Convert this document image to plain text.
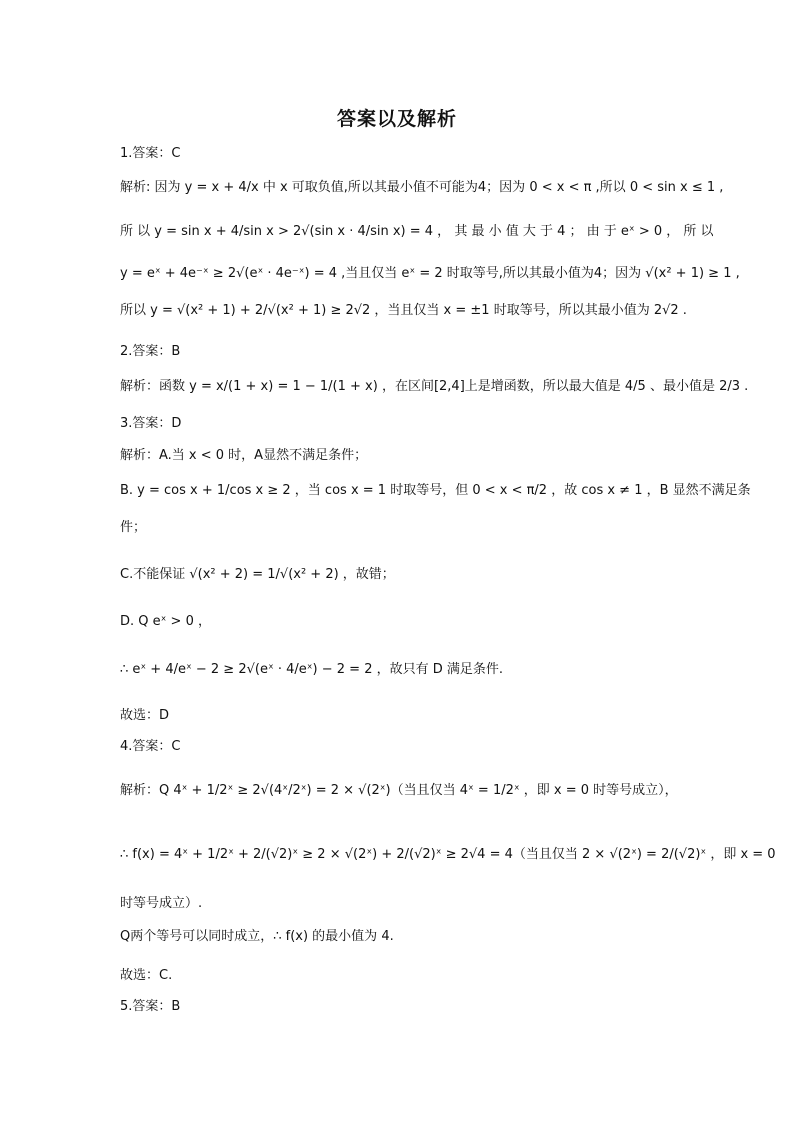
答案以及解析
1.答案：C
解析: 因为 y = x + 4/x 中 x 可取负值,所以其最小值不可能为4；因为 0 < x < π ,所以 0 < sin x ≤ 1 ,
所 以 y = sin x + 4/sin x > 2√(sin x · 4/sin x) = 4 ， 其 最 小 值 大 于 4 ； 由 于 eˣ > 0 ， 所 以
y = eˣ + 4e⁻ˣ ≥ 2√(eˣ · 4e⁻ˣ) = 4 ,当且仅当 eˣ = 2 时取等号,所以其最小值为4；因为 √(x² + 1) ≥ 1 ,
所以 y = √(x² + 1) + 2/√(x² + 1) ≥ 2√2 ，当且仅当 x = ±1 时取等号，所以其最小值为 2√2 .
2.答案：B
解析：函数 y = x/(1 + x) = 1 − 1/(1 + x) ，在区间[2,4]上是增函数，所以最大值是 4/5 、最小值是 2/3 .
3.答案：D
解析：A.当 x < 0 时，A显然不满足条件；
B. y = cos x + 1/cos x ≥ 2 ，当 cos x = 1 时取等号，但 0 < x < π/2 ，故 cos x ≠ 1 ，B 显然不满足条
件；
C.不能保证 √(x² + 2) = 1/√(x² + 2) ，故错；
D. Q eˣ > 0 ，
∴ eˣ + 4/eˣ − 2 ≥ 2√(eˣ · 4/eˣ) − 2 = 2 ，故只有 D 满足条件.
故选：D
4.答案：C
解析：Q 4ˣ + 1/2ˣ ≥ 2√(4ˣ/2ˣ) = 2 × √(2ˣ)（当且仅当 4ˣ = 1/2ˣ ，即 x = 0 时等号成立），
∴ f(x) = 4ˣ + 1/2ˣ + 2/(√2)ˣ ≥ 2 × √(2ˣ) + 2/(√2)ˣ ≥ 2√4 = 4（当且仅当 2 × √(2ˣ) = 2/(√2)ˣ ，即 x = 0
时等号成立）.
Q两个等号可以同时成立，∴ f(x) 的最小值为 4.
故选：C.
5.答案：B
